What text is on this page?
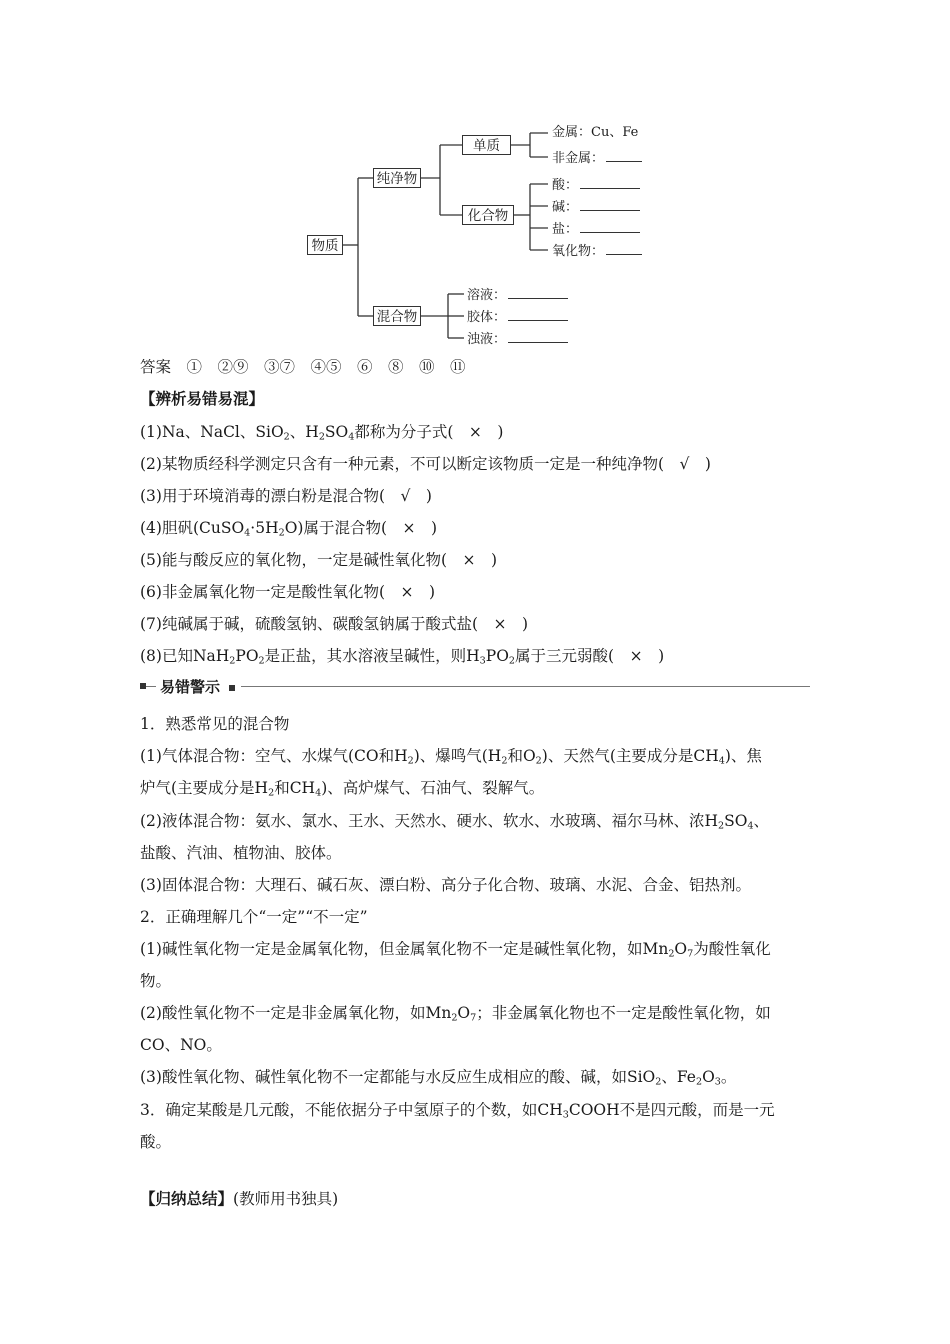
物质
纯净物
单质
化合物
混合物
金属：Cu、Fe
非金属：
酸：
碱：
盐：
氧化物：
溶液：
胶体：
浊液：
答案　①　②⑨　③⑦　④⑤　⑥　⑧　⑩　⑪
【辨析易错易混】
(1)Na、NaCl、SiO$_2$、$H_2SO_4$都称为分子式(　×　)
(2)某物质经科学测定只含有一种元素，不可以断定该物质一定是一种纯净物(　√　)
(3)用于环境消毒的漂白粉是混合物(　√　)
(4)胆矾$(CuSO_4\cdot 5H_2O)$属于混合物(　×　)
(5)能与酸反应的氧化物，一定是碱性氧化物(　×　)
(6)非金属氧化物一定是酸性氧化物(　×　)
(7)纯碱属于碱，硫酸氢钠、碳酸氢钠属于酸式盐(　×　)
(8)已知$NaH_2PO_2$是正盐，其水溶液呈碱性，则$H_3PO_2$属于三元弱酸(　×　)
易错警示
1．熟悉常见的混合物
(1)气体混合物：空气、水煤气(CO和$H_2$)、爆鸣气($H_2$和$O_2$)、天然气(主要成分是$CH_4$)、焦
炉气(主要成分是$H_2$和$CH_4$)、高炉煤气、石油气、裂解气。
(2)液体混合物：氨水、氯水、王水、天然水、硬水、软水、水玻璃、福尔马林、浓$H_2SO_4$、
盐酸、汽油、植物油、胶体。
(3)固体混合物：大理石、碱石灰、漂白粉、高分子化合物、玻璃、水泥、合金、铝热剂。
2．正确理解几个“一定”“不一定”
(1)碱性氧化物一定是金属氧化物，但金属氧化物不一定是碱性氧化物，如$Mn_2O_7$为酸性氧化
物。
(2)酸性氧化物不一定是非金属氧化物，如$Mn_2O_7$；非金属氧化物也不一定是酸性氧化物，如
CO、NO。
(3)酸性氧化物、碱性氧化物不一定都能与水反应生成相应的酸、碱，如SiO$_2$、$Fe_2O_3$。
3．确定某酸是几元酸，不能依据分子中氢原子的个数，如$CH_3COOH$不是四元酸，而是一元
酸。
【归纳总结】(教师用书独具)
